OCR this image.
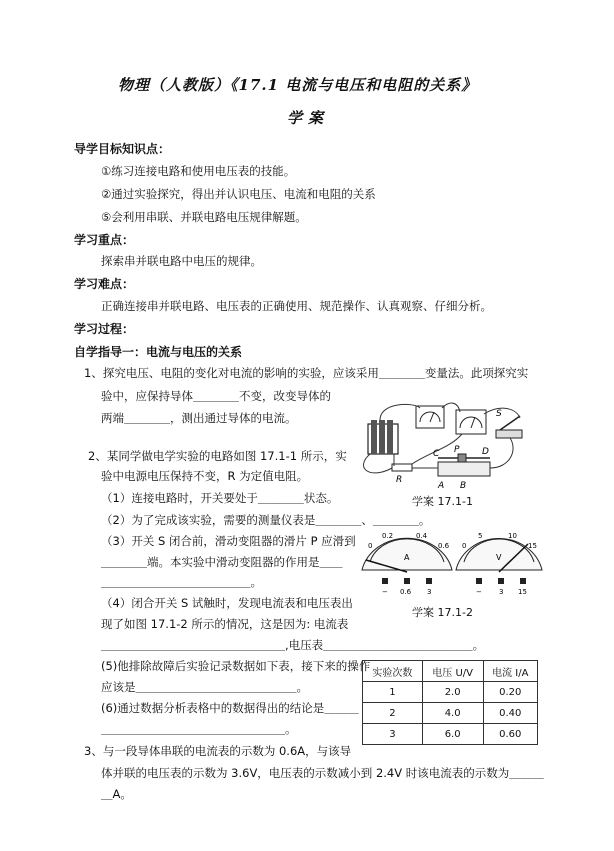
物理（人教版）《17.1 电流与电压和电阻的关系》
学案
导学目标知识点：
①练习连接电路和使用电压表的技能。
②通过实验探究，得出并认识电压、电流和电阻的关系
⑤会利用串联、并联电路电压规律解题。
学习重点：
探索串并联电路中电压的规律。
学习难点：
正确连接串并联电路、电压表的正确使用、规范操作、认真观察、仔细分析。
学习过程：
自学指导一：电流与电压的关系
1、探究电压、电阻的变化对电流的影响的实验，应该采用＿＿＿＿变量法。此项探究实
验中，应保持导体＿＿＿＿不变，改变导体的
两端＿＿＿＿，测出通过导体的电流。
2、某同学做电学实验的电路如图 17.1-1 所示，实
验中电源电压保持不变，R 为定值电阻。
（1）连接电路时，开关要处于＿＿＿＿状态。
（2）为了完成该实验，需要的测量仪表是＿＿＿＿、＿＿＿＿。
（3）开关 S 闭合前，滑动变阻器的滑片 P 应滑到
＿＿＿＿端。本实验中滑动变阻器的作用是＿＿
＿＿＿＿＿＿＿＿＿＿＿＿＿。
（4）闭合开关 S 试触时，发现电流表和电压表出
现了如图 17.1-2 所示的情况，这是因为: 电流表
＿＿＿＿＿＿＿＿＿＿＿＿＿＿＿＿,电压表＿＿＿＿＿＿＿＿＿＿＿＿＿。
(5)他排除故障后实验记录数据如下表，接下来的操作
应该是＿＿＿＿＿＿＿＿＿＿＿＿＿＿。
(6)通过数据分析表格中的数据得出的结论是＿＿＿
＿＿＿＿＿＿＿＿＿＿＿＿＿＿＿＿。
3、与一段导体串联的电流表的示数为 0.6A，与该导
体并联的电压表的示数为 3.6V，电压表的示数减小到 2.4V 时该电流表的示数为＿＿＿
＿A。
R
C P	D
A B
S
学案 17.1-1
0
0.2	0.4
0.6
A
− 0.6 3
0
5	10
15
V
− 3 15
学案 17.1-2
实验次数	电压 U/V	电流 I/A
1	2.0	0.20
2	4.0	0.40
3	6.0	0.60
